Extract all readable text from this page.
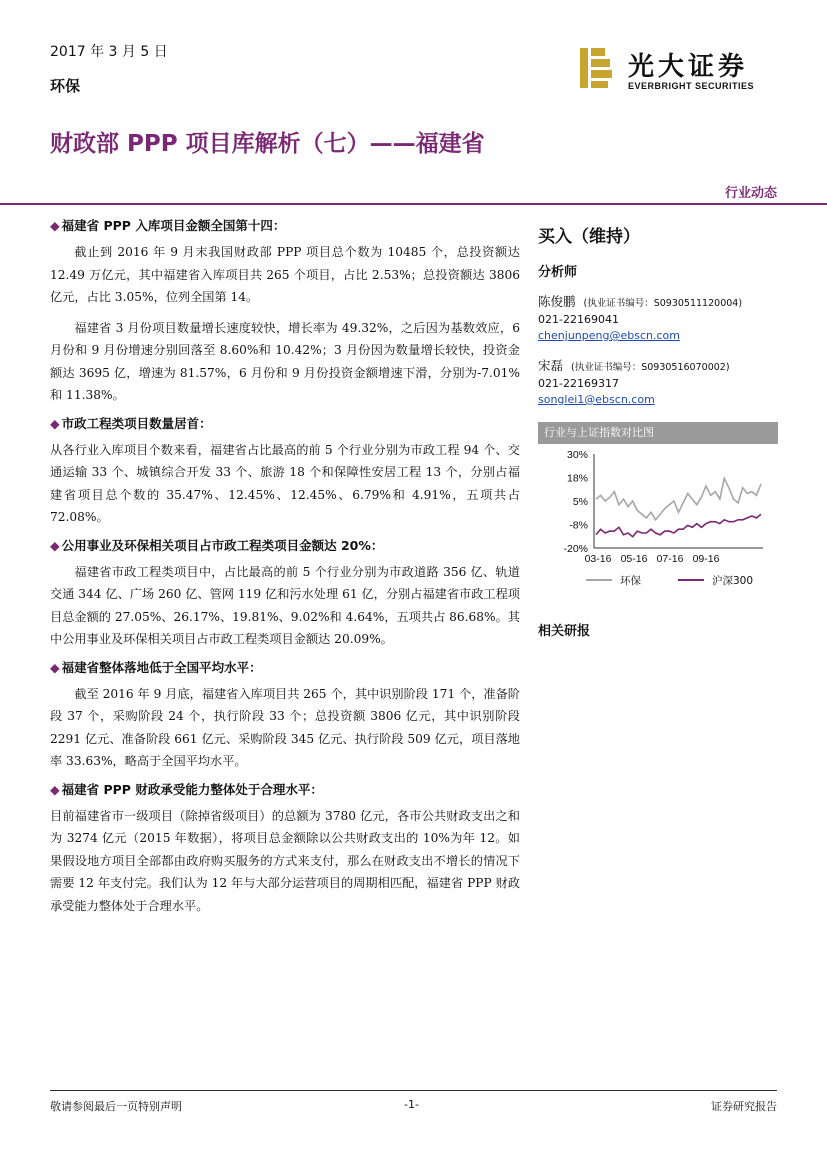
2017 年 3 月 5 日
环保
光大证券
EVERBRIGHT SECURITIES
财政部 PPP 项目库解析（七）——福建省
行业动态
◆ 福建省 PPP 入库项目金额全国第十四：

截止到 2016 年 9 月末我国财政部 PPP 项目总个数为 10485 个，总投资额达 12.49 万亿元，其中福建省入库项目共 265 个项目，占比 2.53%；总投资额达 3806 亿元，占比 3.05%，位列全国第 14。

福建省 3 月份项目数量增长速度较快，增长率为 49.32%，之后因为基数效应，6 月份和 9 月份增速分别回落至 8.60%和 10.42%；3 月份因为数量增长较快，投资金额达 3695 亿，增速为 81.57%，6 月份和 9 月份投资金额增速下滑，分别为-7.01%和 11.38%。

◆ 市政工程类项目数量居首：

从各行业入库项目个数来看，福建省占比最高的前 5 个行业分别为市政工程 94 个、交通运输 33 个、城镇综合开发 33 个、旅游 18 个和保障性安居工程 13 个，分别占福建省项目总个数的 35.47%、12.45%、12.45%、6.79%和 4.91%，五项共占 72.08%。

◆ 公用事业及环保相关项目占市政工程类项目金额达 20%：

福建省市政工程类项目中，占比最高的前 5 个行业分别为市政道路 356 亿、轨道交通 344 亿、广场 260 亿、管网 119 亿和污水处理 61 亿，分别占福建省市政工程项目总金额的 27.05%、26.17%、19.81%、9.02%和 4.64%，五项共占 86.68%。其中公用事业及环保相关项目占市政工程类项目金额达 20.09%。

◆ 福建省整体落地低于全国平均水平：

截至 2016 年 9 月底，福建省入库项目共 265 个，其中识别阶段 171 个，准备阶段 37 个，采购阶段 24 个，执行阶段 33 个；总投资额 3806 亿元，其中识别阶段 2291 亿元、准备阶段 661 亿元、采购阶段 345 亿元、执行阶段 509 亿元，项目落地率 33.63%，略高于全国平均水平。

◆ 福建省 PPP 财政承受能力整体处于合理水平：

目前福建省市一级项目（除掉省级项目）的总额为 3780 亿元，各市公共财政支出之和为 3274 亿元（2015 年数据），将项目总金额除以公共财政支出的 10%为年 12。如果假设地方项目全部都由政府购买服务的方式来支付，那么在财政支出不增长的情况下需要 12 年支付完。我们认为 12 年与大部分运营项目的周期相匹配，福建省 PPP 财政承受能力整体处于合理水平。

买入（维持）
分析师
陈俊鹏 (执业证书编号：S0930511120004)
021-22169041
chenjunpeng@ebscn.com
宋磊 (执业证书编号：S0930516070002)
021-22169317
songlei1@ebscn.com
行业与上证指数对比图
30%
18%
5%
-8%
-20%
03-16 05-16 07-16 09-16
环保	沪深300
相关研报
敬请参阅最后一页特别声明	-1-	证券研究报告
